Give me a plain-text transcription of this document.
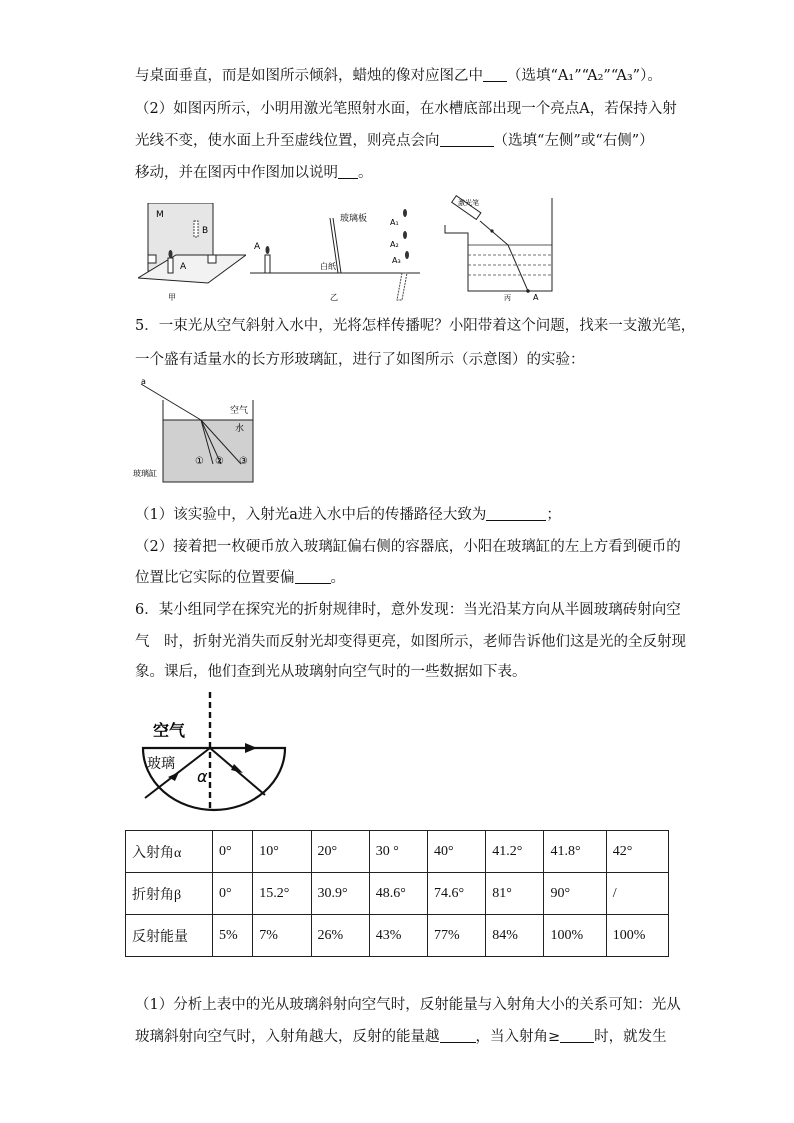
与桌面垂直，而是如图所示倾斜，蜡烛的像对应图乙中 （选填“A₁”“A₂”“A₃”）。
（2）如图丙所示，小明用激光笔照射水面，在水槽底部出现一个亮点A，若保持入射
光线不变，使水面上升至虚线位置，则亮点会向	（选填“左侧”或“右侧”）
移动，并在图丙中作图加以说明 。
M
B
A
甲
A
玻璃板
白纸
A₁
A₂
A₃
乙
激光笔
A
丙
5．一束光从空气斜射入水中，光将怎样传播呢？小阳带着这个问题，找来一支激光笔，
一个盛有适量水的长方形玻璃缸，进行了如图所示（示意图）的实验：
a
空气
水
① ② ③
玻璃缸
（1）该实验中，入射光a进入水中后的传播路径大致为	；
（2）接着把一枚硬币放入玻璃缸偏右侧的容器底，小阳在玻璃缸的左上方看到硬币的
位置比它实际的位置要偏 。
6．某小组同学在探究光的折射规律时，意外发现：当光沿某方向从半圆玻璃砖射向空
气　时，折射光消失而反射光却变得更亮，如图所示，老师告诉他们这是光的全反射现
象。课后，他们查到光从玻璃射向空气时的一些数据如下表。
空气
玻璃
α
入射角α	0°	10°	20°	30 °	40°	41.2°	41.8°	42°
折射角β	0°	15.2°	30.9°	48.6°	74.6°	81°	90°	/
反射能量	5%	7%	26%	43%	77%	84%	100%	100%
（1）分析上表中的光从玻璃斜射向空气时，反射能量与入射角大小的关系可知：光从
玻璃斜射向空气时，入射角越大，反射的能量越 ，当入射角≥ 时，就发生
